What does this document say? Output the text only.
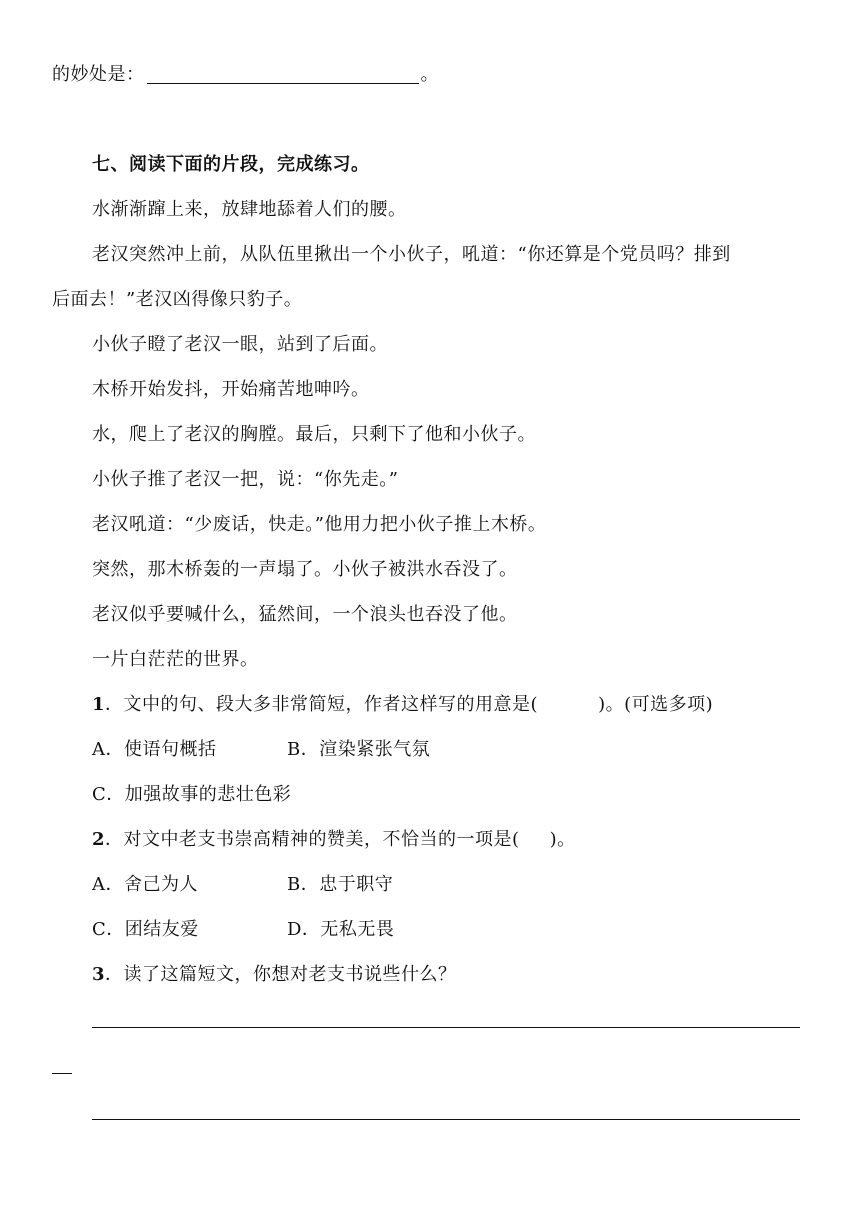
的妙处是：	。
七、阅读下面的片段，完成练习。
水渐渐蹿上来，放肆地舔着人们的腰。
老汉突然冲上前，从队伍里揪出一个小伙子，吼道：“你还算是个党员吗？排到
后面去！”老汉凶得像只豹子。
小伙子瞪了老汉一眼，站到了后面。
木桥开始发抖，开始痛苦地呻吟。
水，爬上了老汉的胸膛。最后，只剩下了他和小伙子。
小伙子推了老汉一把，说：“你先走。”
老汉吼道：“少废话，快走。”他用力把小伙子推上木桥。
突然，那木桥轰的一声塌了。小伙子被洪水吞没了。
老汉似乎要喊什么，猛然间，一个浪头也吞没了他。
一片白茫茫的世界。
1．文中的句、段大多非常简短，作者这样写的用意是(	)。(可选多项)
A．使语句概括	B．渲染紧张气氛
C．加强故事的悲壮色彩
2．对文中老支书崇高精神的赞美，不恰当的一项是( )。
A．舍己为人	B．忠于职守
C．团结友爱	D．无私无畏
3．读了这篇短文，你想对老支书说些什么？
